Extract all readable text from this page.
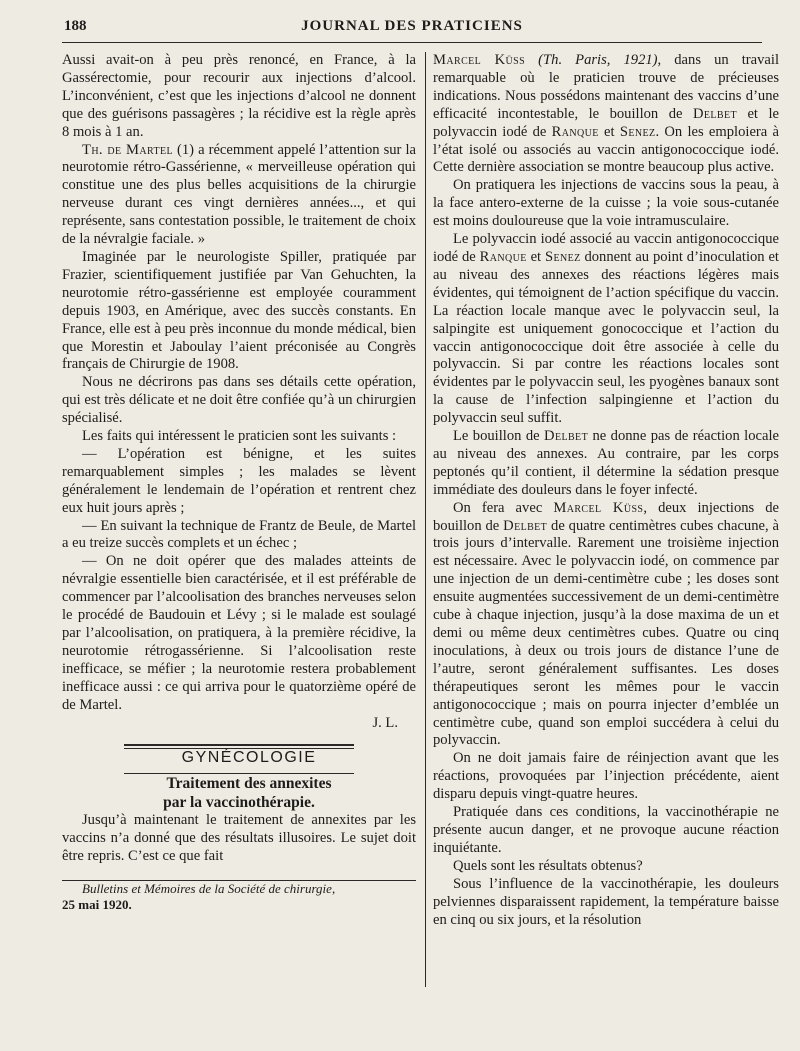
188	JOURNAL DES PRATICIENS

Aussi avait-on à peu près renoncé, en France, à la Gassérectomie, pour recourir aux injections d’alcool. L’inconvénient, c’est que les injections d’alcool ne donnent que des guérisons passagères ; la récidive est la règle après 8 mois à 1 an.

Th. de Martel (1) a récemment appelé l’attention sur la neurotomie rétro-Gassérienne, « merveilleuse opération qui constitue une des plus belles acquisitions de la chirurgie nerveuse durant ces vingt dernières années..., et qui représente, sans contestation possible, le traitement de choix de la névralgie faciale. »

Imaginée par le neurologiste Spiller, pratiquée par Frazier, scientifiquement justifiée par Van Gehuchten, la neurotomie rétro-gassérienne est employée couramment depuis 1903, en Amérique, avec des succès constants. En France, elle est à peu près inconnue du monde médical, bien que Morestin et Jaboulay l’aient préconisée au Congrès français de Chirurgie de 1908.

Nous ne décrirons pas dans ses détails cette opération, qui est très délicate et ne doit être confiée qu’à un chirurgien spécialisé.

Les faits qui intéressent le praticien sont les suivants :

— L’opération est bénigne, et les suites remarquablement simples ; les malades se lèvent généralement le lendemain de l’opération et rentrent chez eux huit jours après ;

— En suivant la technique de Frantz de Beule, de Martel a eu treize succès complets et un échec ;

— On ne doit opérer que des malades atteints de névralgie essentielle bien caractérisée, et il est préférable de commencer par l’alcoolisation des branches nerveuses selon le procédé de Baudouin et Lévy ; si le malade est soulagé par l’alcoolisation, on pratiquera, à la première récidive, la neurotomie rétrogassérienne. Si l’alcoolisation reste inefficace, se méfier ; la neurotomie restera probablement inefficace aussi : ce qui arriva pour le quatorzième opéré de de Martel.

J. L.

GYNÉCOLOGIE

Traitement des annexites
par la vaccinothérapie.

Jusqu’à maintenant le traitement de annexites par les vaccins n’a donné que des résultats illusoires. Le sujet doit être repris. C’est ce que fait

Bulletins et Mémoires de la Société de chirurgie,
25 mai 1920.

Marcel Küss (Th. Paris, 1921), dans un travail remarquable où le praticien trouve de précieuses indications. Nous possédons maintenant des vaccins d’une efficacité incontestable, le bouillon de Delbet et le polyvaccin iodé de Ranque et Senez. On les emploiera à l’état isolé ou associés au vaccin antigonococcique iodé. Cette dernière association se montre beaucoup plus active.

On pratiquera les injections de vaccins sous la peau, à la face antero-externe de la cuisse ; la voie sous-cutanée est moins douloureuse que la voie intramusculaire.

Le polyvaccin iodé associé au vaccin antigonococcique iodé de Ranque et Senez donnent au point d’inoculation et au niveau des annexes des réactions légères mais évidentes, qui témoignent de l’action spécifique du vaccin. La réaction locale manque avec le polyvaccin seul, la salpingite est uniquement gonococcique et l’action du vaccin antigonococcique doit être associée à celle du polyvaccin. Si par contre les réactions locales sont évidentes par le polyvaccin seul, les pyogènes banaux sont la cause de l’infection salpingienne et l’action du polyvaccin seul suffit.

Le bouillon de Delbet ne donne pas de réaction locale au niveau des annexes. Au contraire, par les corps peptonés qu’il contient, il détermine la sédation presque immédiate des douleurs dans le foyer infecté.

On fera avec Marcel Küss, deux injections de bouillon de Delbet de quatre centimètres cubes chacune, à trois jours d’intervalle. Rarement une troisième injection est nécessaire. Avec le polyvaccin iodé, on commence par une injection de un demi-centimètre cube ; les doses sont ensuite augmentées successivement de un demi-centimètre cube à chaque injection, jusqu’à la dose maxima de un et demi ou même deux centimètres cubes. Quatre ou cinq inoculations, à deux ou trois jours de distance l’une de l’autre, seront généralement suffisantes. Les doses thérapeutiques seront les mêmes pour le vaccin antigonococcique ; mais on pourra injecter d’emblée un centimètre cube, quand son emploi succédera à celui du polyvaccin.

On ne doit jamais faire de réinjection avant que les réactions, provoquées par l’injection précédente, aient disparu depuis vingt-quatre heures.

Pratiquée dans ces conditions, la vaccinothérapie ne présente aucun danger, et ne provoque aucune réaction inquiétante.

Quels sont les résultats obtenus?

Sous l’influence de la vaccinothérapie, les douleurs pelviennes disparaissent rapidement, la température baisse en cinq ou six jours, et la résolution
